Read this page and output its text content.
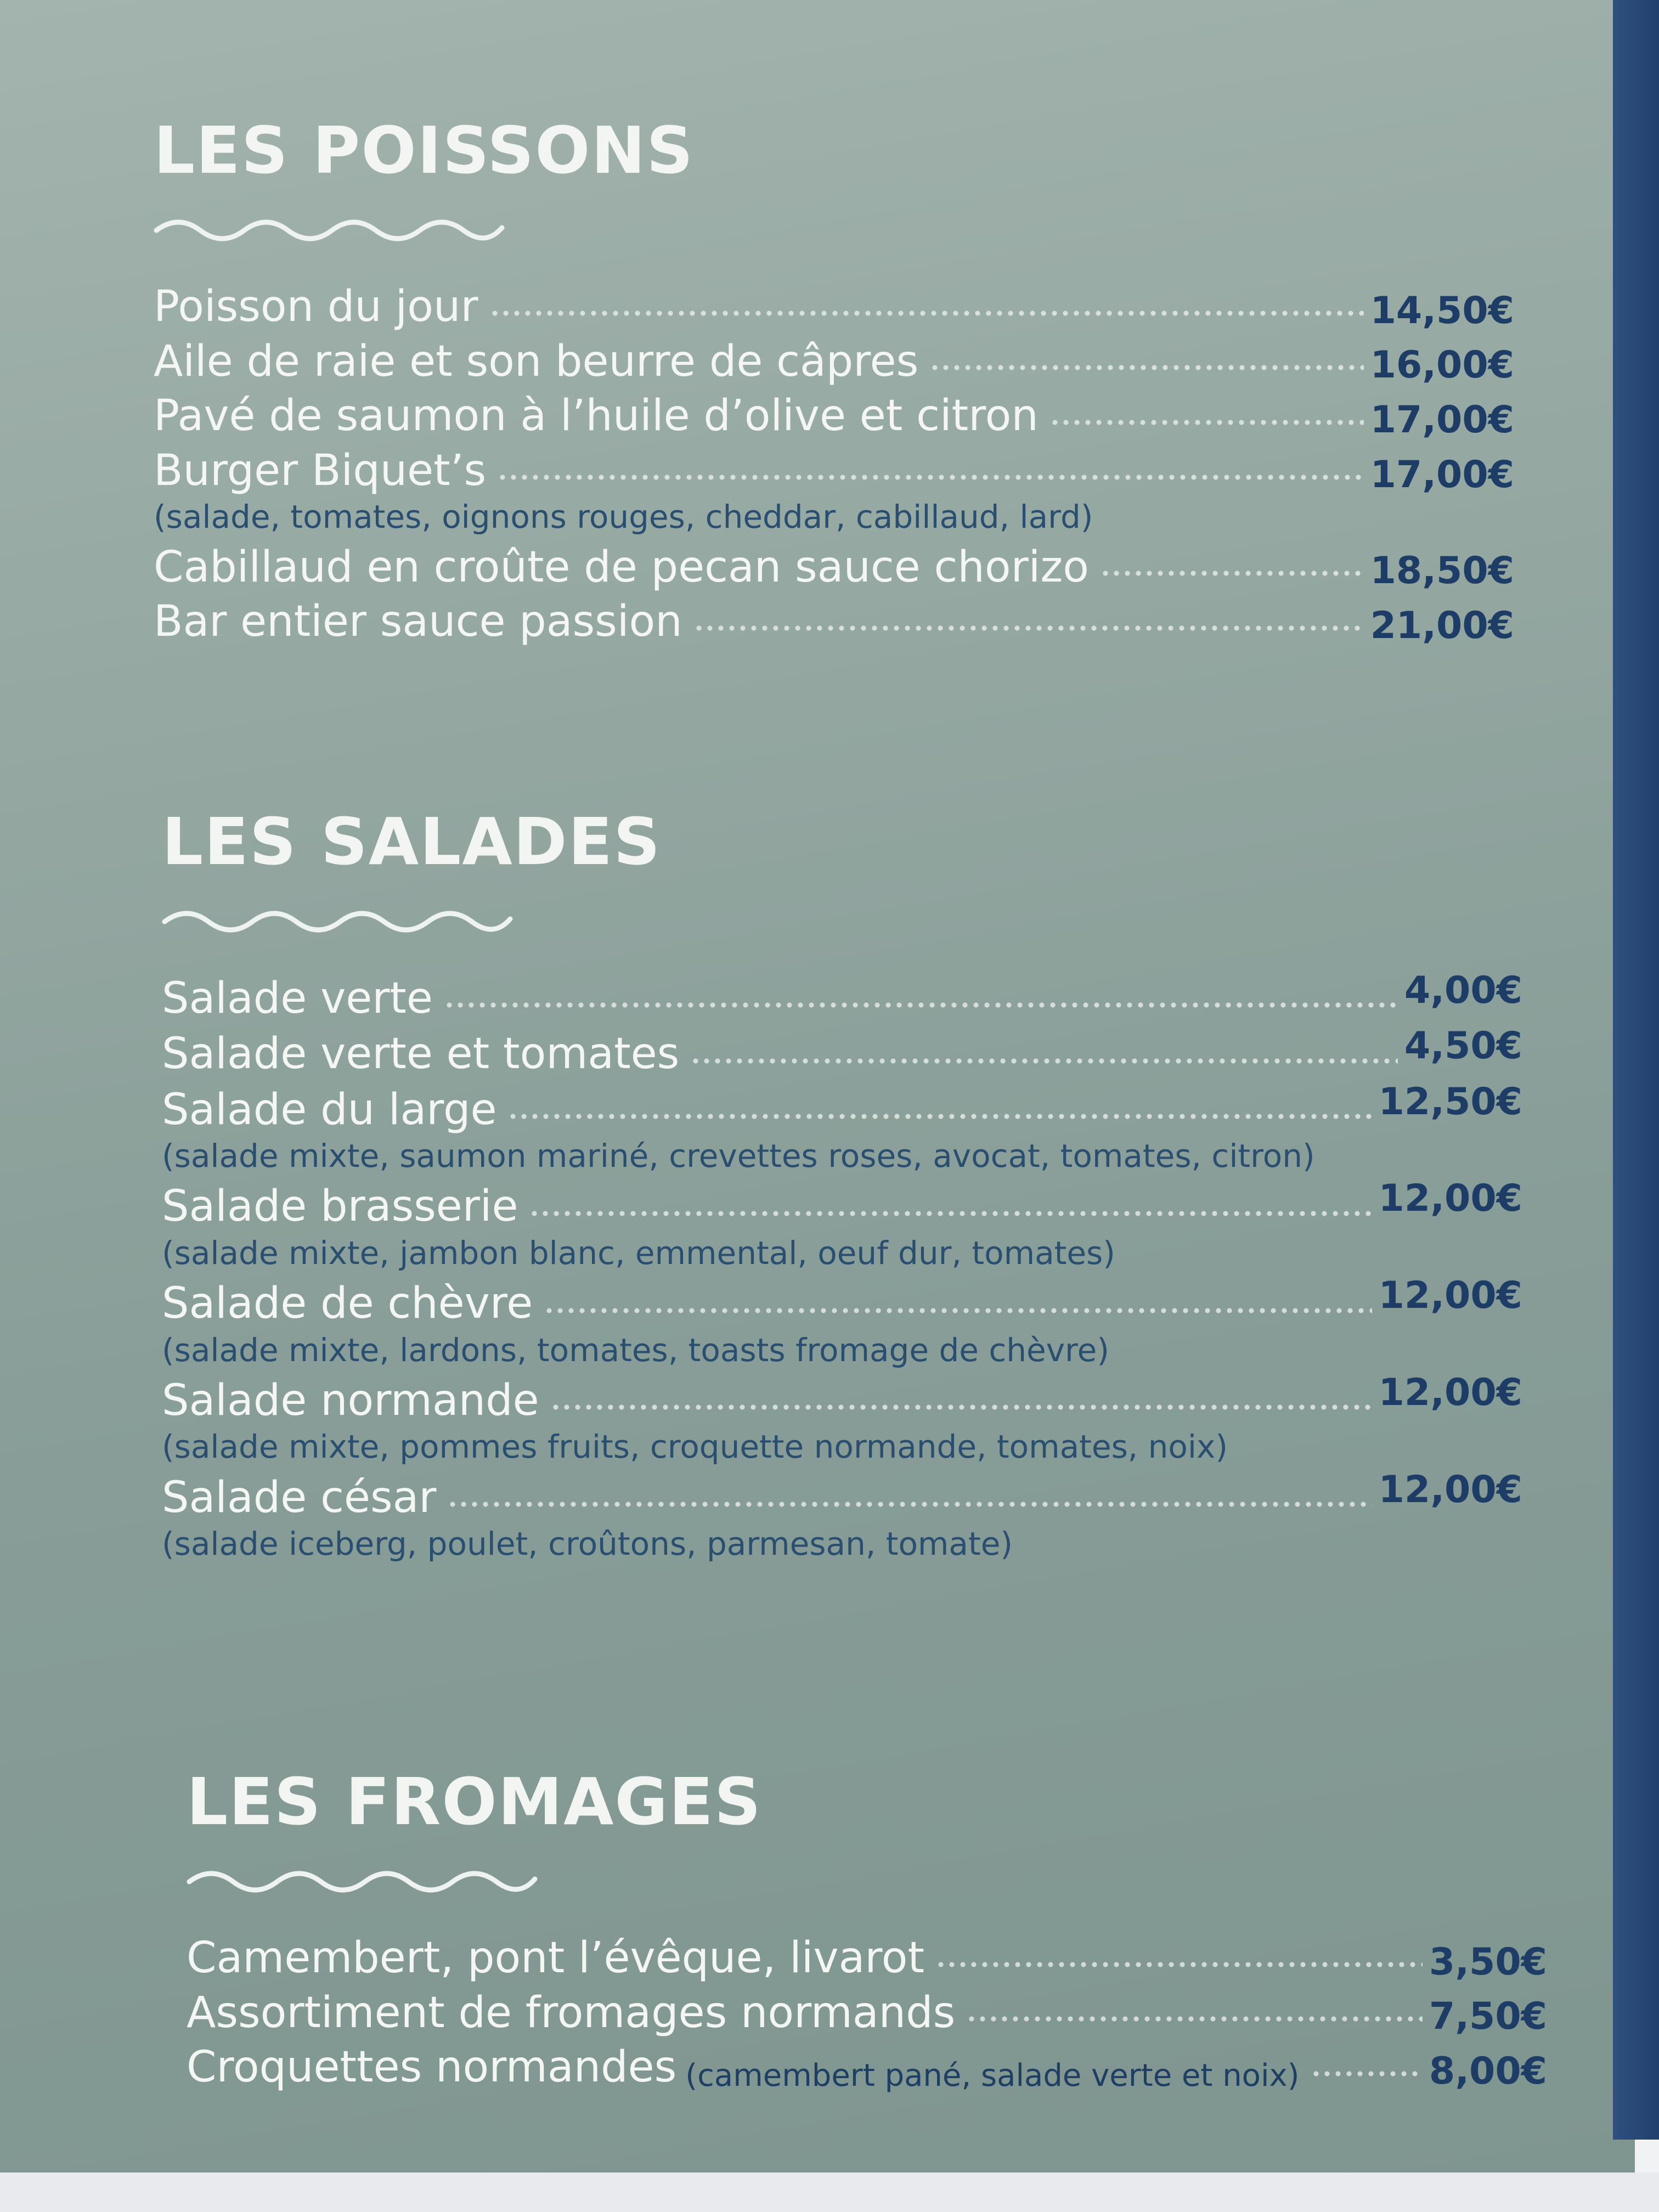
LES POISSONS
Poisson du jour	14,50€
Aile de raie et son beurre de câpres	16,00€
Pavé de saumon à l’huile d’olive et citron	17,00€
Burger Biquet’s	17,00€
(salade, tomates, oignons rouges, cheddar, cabillaud, lard)
Cabillaud en croûte de pecan sauce chorizo	18,50€
Bar entier sauce passion	21,00€
LES SALADES
Salade verte	4,00€
Salade verte et tomates	4,50€
Salade du large	12,50€
(salade mixte, saumon mariné, crevettes roses, avocat, tomates, citron)
Salade brasserie	12,00€
(salade mixte, jambon blanc, emmental, oeuf dur, tomates)
Salade de chèvre	12,00€
(salade mixte, lardons, tomates, toasts fromage de chèvre)
Salade normande	12,00€
(salade mixte, pommes fruits, croquette normande, tomates, noix)
Salade césar	12,00€
(salade iceberg, poulet, croûtons, parmesan, tomate)
LES FROMAGES
Camembert, pont l’évêque, livarot	3,50€
Assortiment de fromages normands	7,50€
Croquettes normandes (camembert pané, salade verte et noix)	8,00€
